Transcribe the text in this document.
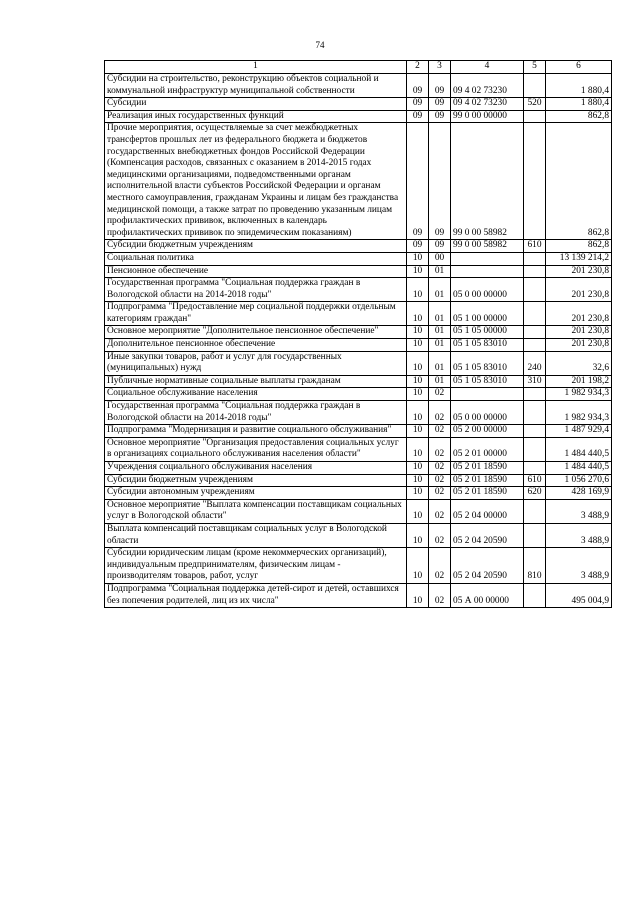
74
1	2	3	4	5	6
Субсидии на строительство, реконструкцию объектов социальной и коммунальной инфраструктур муниципальной собственности	09	09	09 4 02 73230		1 880,4
Субсидии	09	09	09 4 02 73230	520	1 880,4
Реализация иных государственных функций	09	09	99 0 00 00000		862,8
Прочие мероприятия, осуществляемые за счет межбюджетных трансфертов прошлых лет из федерального бюджета и бюджетов государственных внебюджетных фондов Российской Федерации (Компенсация расходов, связанных с оказанием в 2014-2015 годах медицинскими организациями, подведомственными органам исполнительной власти субъектов Российской Федерации и органам местного самоуправления, гражданам Украины и лицам без гражданства медицинской помощи, а также затрат по проведению указанным лицам профилактических прививок, включенных в календарь профилактических прививок по эпидемическим показаниям)	09	09	99 0 00 58982		862,8
Субсидии бюджетным учреждениям	09	09	99 0 00 58982	610	862,8
Социальная политика	10	00			13 139 214,2
Пенсионное обеспечение	10	01			201 230,8
Государственная программа "Социальная поддержка граждан в Вологодской области на 2014-2018 годы"	10	01	05 0 00 00000		201 230,8
Подпрограмма "Предоставление мер социальной поддержки отдельным категориям граждан"	10	01	05 1 00 00000		201 230,8
Основное мероприятие "Дополнительное пенсионное обеспечение"	10	01	05 1 05 00000		201 230,8
Дополнительное пенсионное обеспечение	10	01	05 1 05 83010		201 230,8
Иные закупки товаров, работ и услуг для государственных (муниципальных) нужд	10	01	05 1 05 83010	240	32,6
Публичные нормативные социальные выплаты гражданам	10	01	05 1 05 83010	310	201 198,2
Социальное обслуживание населения	10	02			1 982 934,3
Государственная программа "Социальная поддержка граждан в Вологодской области на 2014-2018 годы"	10	02	05 0 00 00000		1 982 934,3
Подпрограмма "Модернизация и развитие социального обслуживания"	10	02	05 2 00 00000		1 487 929,4
Основное мероприятие "Организация предоставления социальных услуг в организациях социального обслуживания населения области"	10	02	05 2 01 00000		1 484 440,5
Учреждения социального обслуживания населения	10	02	05 2 01 18590		1 484 440,5
Субсидии бюджетным учреждениям	10	02	05 2 01 18590	610	1 056 270,6
Субсидии автономным учреждениям	10	02	05 2 01 18590	620	428 169,9
Основное мероприятие "Выплата компенсации поставщикам социальных услуг в Вологодской области"	10	02	05 2 04 00000		3 488,9
Выплата компенсаций поставщикам социальных услуг в Вологодской области	10	02	05 2 04 20590		3 488,9
Субсидии юридическим лицам (кроме некоммерческих организаций), индивидуальным предпринимателям, физическим лицам - производителям товаров, работ, услуг	10	02	05 2 04 20590	810	3 488,9
Подпрограмма "Социальная поддержка детей-сирот и детей, оставшихся без попечения родителей, лиц из их числа"	10	02	05 А 00 00000		495 004,9
